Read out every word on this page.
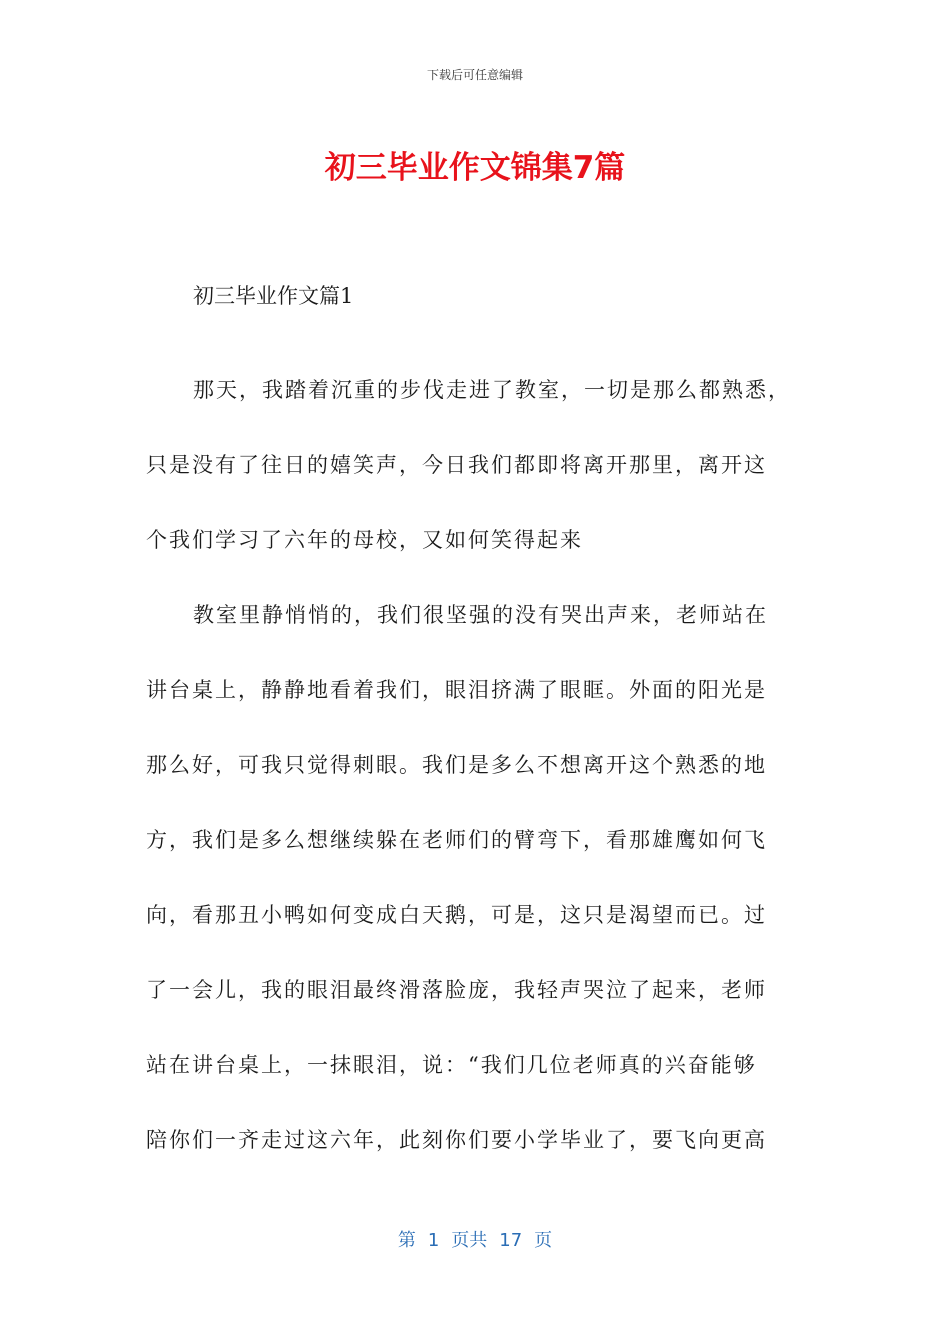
下载后可任意编辑
初三毕业作文锦集7篇

初三毕业作文篇1

那天，我踏着沉重的步伐走进了教室，一切是那么都熟悉，
只是没有了往日的嬉笑声，今日我们都即将离开那里，离开这
个我们学习了六年的母校，又如何笑得起来

教室里静悄悄的，我们很坚强的没有哭出声来，老师站在
讲台桌上，静静地看着我们，眼泪挤满了眼眶。外面的阳光是
那么好，可我只觉得刺眼。我们是多么不想离开这个熟悉的地
方，我们是多么想继续躲在老师们的臂弯下，看那雄鹰如何飞
向，看那丑小鸭如何变成白天鹅，可是，这只是渴望而已。过
了一会儿，我的眼泪最终滑落脸庞，我轻声哭泣了起来，老师
站在讲台桌上，一抹眼泪，说：“我们几位老师真的兴奋能够
陪你们一齐走过这六年，此刻你们要小学毕业了，要飞向更高

第 1 页共 17 页
